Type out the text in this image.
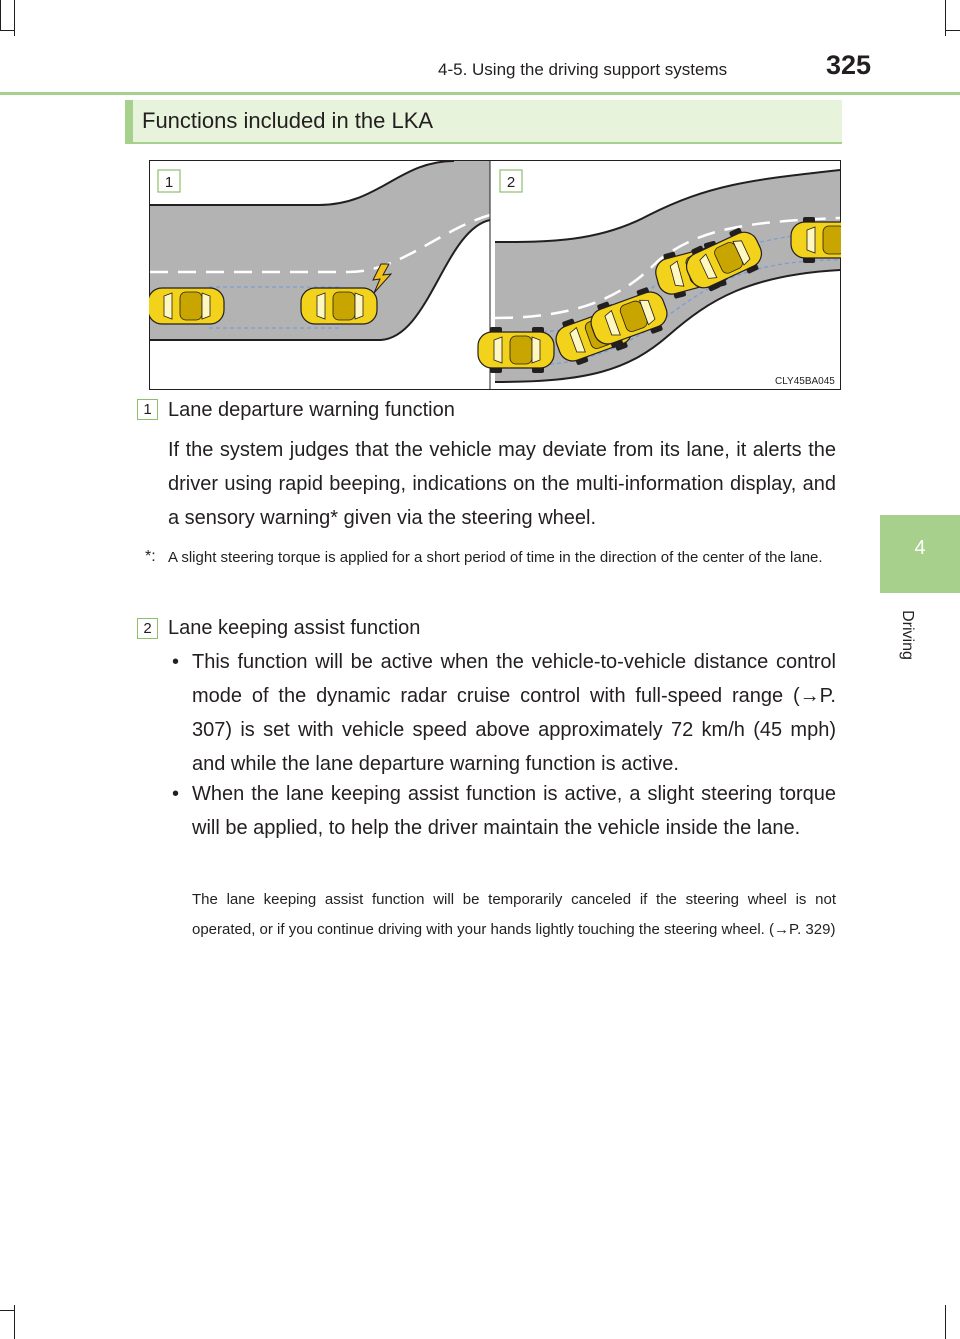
4-5. Using the driving support systems	325
4
Driving
Functions included in the LKA
1	2
CLY45BA045
1 Lane departure warning function
If the system judges that the vehicle may deviate from its lane, it alerts the driver using rapid beeping, indications on the multi-information display, and a sensory warning* given via the steering wheel.
*: A slight steering torque is applied for a short period of time in the direction of the center of the lane.
2 Lane keeping assist function
• This function will be active when the vehicle-to-vehicle distance control mode of the dynamic radar cruise control with full-speed range (→P. 307) is set with vehicle speed above approximately 72 km/h (45 mph) and while the lane departure warning function is active.
• When the lane keeping assist function is active, a slight steering torque will be applied, to help the driver maintain the vehicle inside the lane.
The lane keeping assist function will be temporarily canceled if the steering wheel is not operated, or if you continue driving with your hands lightly touching the steering wheel. (→P. 329)
